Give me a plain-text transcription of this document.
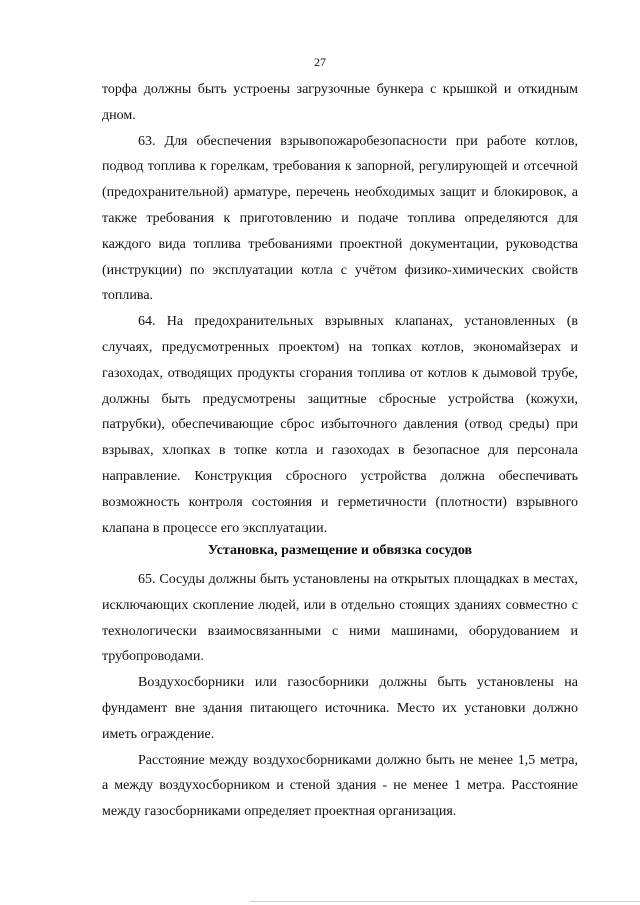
27

торфа должны быть устроены загрузочные бункера с крышкой и откидным дном.

63. Для обеспечения взрывопожаробезопасности при работе котлов, подвод топлива к горелкам, требования к запорной, регулирующей и отсечной (предохранительной) арматуре, перечень необходимых защит и блокировок, а также требования к приготовлению и подаче топлива определяются для каждого вида топлива требованиями проектной документации, руководства (инструкции) по эксплуатации котла с учётом физико-химических свойств топлива.

64. На предохранительных взрывных клапанах, установленных (в случаях, предусмотренных проектом) на топках котлов, экономайзерах и газоходах, отводящих продукты сгорания топлива от котлов к дымовой трубе, должны быть предусмотрены защитные сбросные устройства (кожухи, патрубки), обеспечивающие сброс избыточного давления (отвод среды) при взрывах, хлопках в топке котла и газоходах в безопасное для персонала направление. Конструкция сбросного устройства должна обеспечивать возможность контроля состояния и герметичности (плотности) взрывного клапана в процессе его эксплуатации.

Установка, размещение и обвязка сосудов

65. Сосуды должны быть установлены на открытых площадках в местах, исключающих скопление людей, или в отдельно стоящих зданиях совместно с технологически взаимосвязанными с ними машинами, оборудованием и трубопроводами.

Воздухосборники или газосборники должны быть установлены на фундамент вне здания питающего источника. Место их установки должно иметь ограждение.

Расстояние между воздухосборниками должно быть не менее 1,5 метра, а между воздухосборником и стеной здания - не менее 1 метра. Расстояние между газосборниками определяет проектная организация.
